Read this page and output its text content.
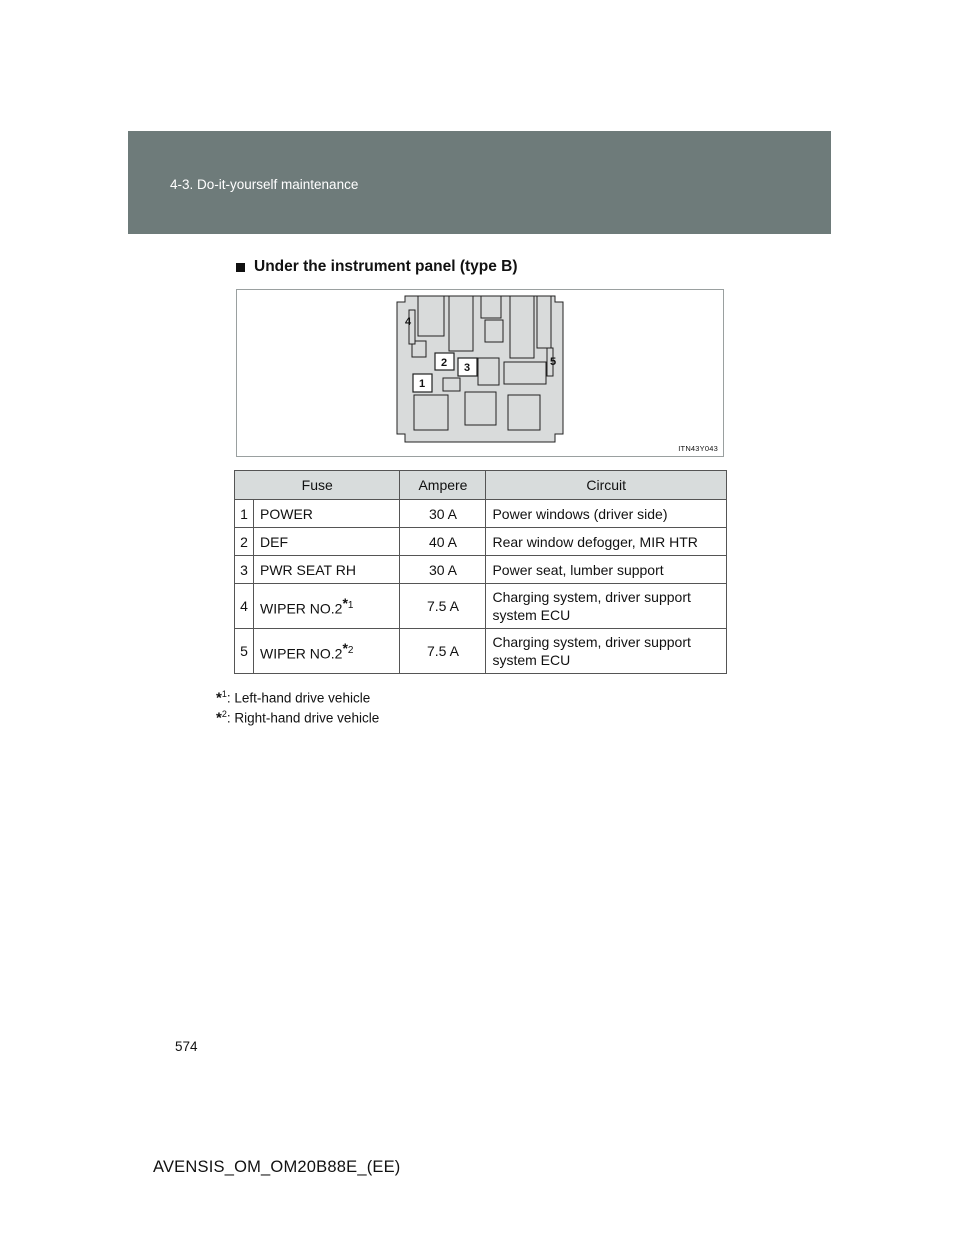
4-3. Do-it-yourself maintenance
Under the instrument panel (type B)
1
2 3
4
5
ITN43Y043
Fuse		Ampere	Circuit
1	POWER	30 A	Power windows (driver side)
2	DEF	40 A	Rear window defogger, MIR HTR
3	PWR SEAT RH	30 A	Power seat, lumber support
4	WIPER NO.2$^{*1}$	7.5 A	Charging system, driver support
system ECU
5	WIPER NO.2$^{*2}$	7.5 A	Charging system, driver support
system ECU
*$^1$: Left-hand drive vehicle
*$^2$: Right-hand drive vehicle
574
AVENSIS_OM_OM20B88E_(EE)
